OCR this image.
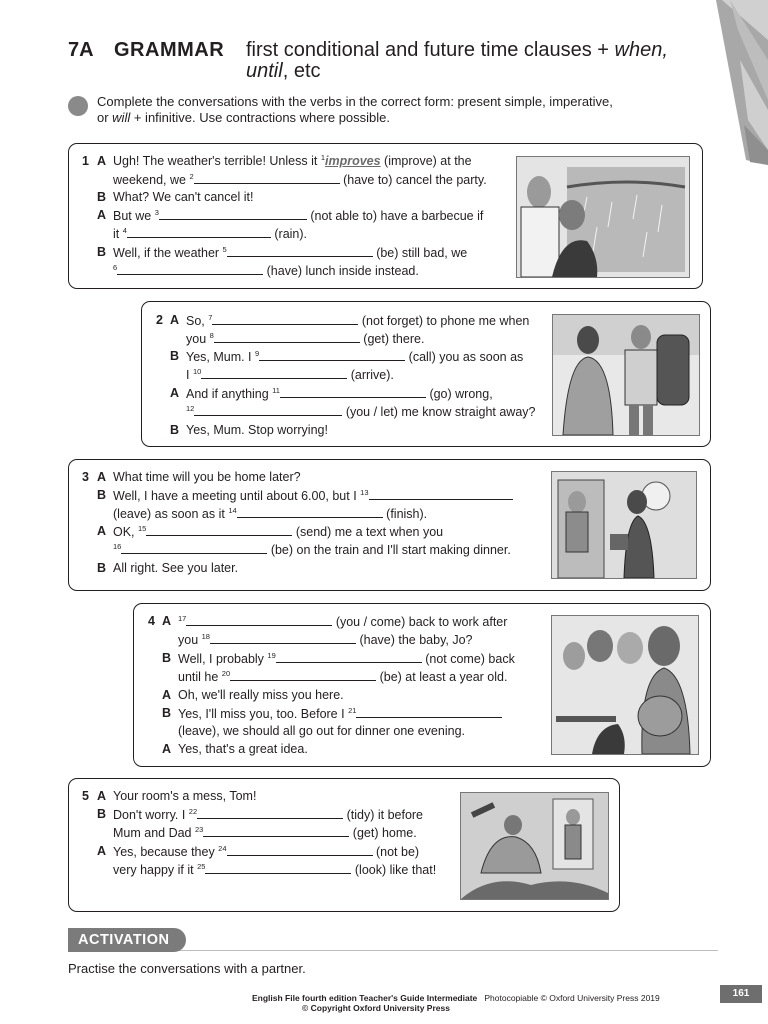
7A GRAMMAR first conditional and future time clauses + when,
until, etc
Complete the conversations with the verbs in the correct form: present simple, imperative,
or will + infinitive. Use contractions where possible.
1 A Ugh! The weather's terrible! Unless it $^1$improves (improve) at the
weekend, we $^2$	(have to) cancel the party.
B What? We can't cancel it!
A But we $^3$	(not able to) have a barbecue if
it $^4$	(rain).
B Well, if the weather $^5$	(be) still bad, we
$^6$	(have) lunch inside instead.
2 A So, $^7$	(not forget) to phone me when
you $^8$	(get) there.
B Yes, Mum. I $^9$	(call) you as soon as
I $^{10}$	(arrive).
A And if anything $^{11}$	(go) wrong,
$^{12}$	(you / let) me know straight away?
B Yes, Mum. Stop worrying!
3 A What time will you be home later?
B Well, I have a meeting until about 6.00, but I $^{13}$
(leave) as soon as it $^{14}$	(finish).
A OK, $^{15}$	(send) me a text when you
$^{16}$	(be) on the train and I'll start making dinner.
B All right. See you later.
4 A $^{17}$	(you / come) back to work after
you $^{18}$	(have) the baby, Jo?
B Well, I probably $^{19}$	(not come) back
until he $^{20}$	(be) at least a year old.
A Oh, we'll really miss you here.
B Yes, I'll miss you, too. Before I $^{21}$
(leave), we should all go out for dinner one evening.
A Yes, that's a great idea.
5 A Your room's a mess, Tom!
B Don't worry. I $^{22}$	(tidy) it before
Mum and Dad $^{23}$	(get) home.
A Yes, because they $^{24}$	(not be)
very happy if it $^{25}$	(look) like that!
ACTIVATION
Practise the conversations with a partner.
English File fourth edition Teacher's Guide Intermediate Photocopiable © Oxford University Press 2019
© Copyright Oxford University Press
161
